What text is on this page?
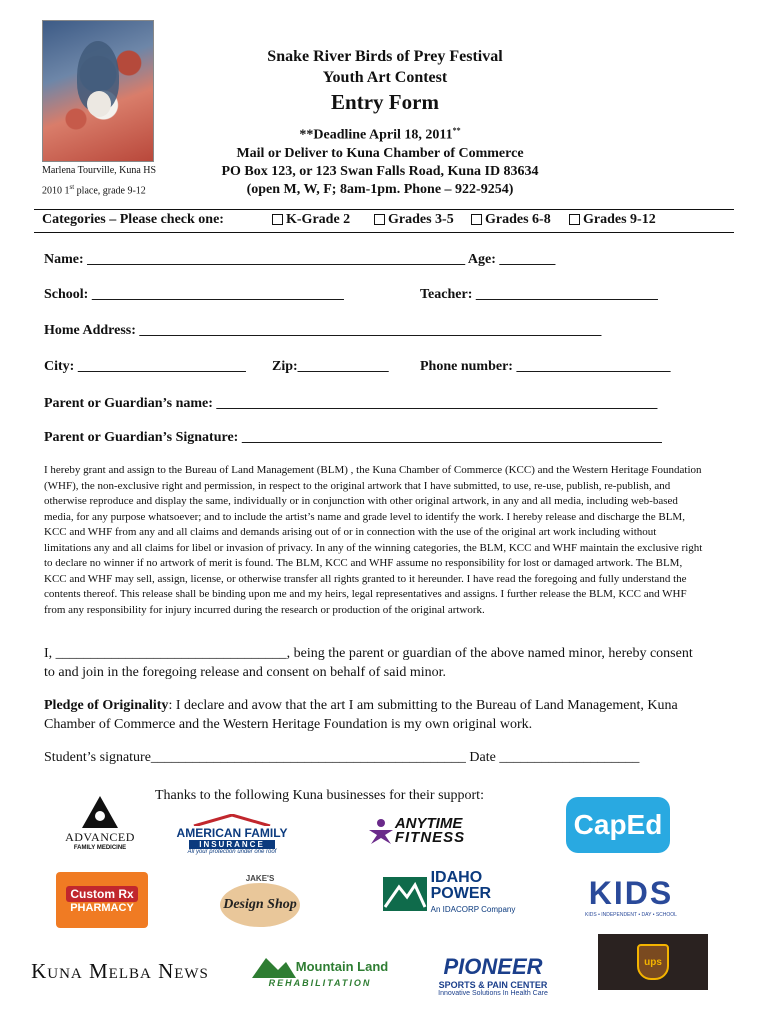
Marlena Tourville, Kuna HS
2010 1st place, grade 9-12
Snake River Birds of Prey Festival
Youth Art Contest
Entry Form
**Deadline April 18, 2011**
Mail or Deliver to Kuna Chamber of Commerce
PO Box 123, or 123 Swan Falls Road, Kuna ID 83634
(open M, W, F; 8am-1pm. Phone – 922-9254)
Categories – Please check one:	K-Grade 2	Grades 3-5	Grades 6-8	Grades 9-12
Name: ______________________________________________________ Age: ________
School: ____________________________________	Teacher: __________________________
Home Address: __________________________________________________________________
City: ________________________ Zip:_____________ Phone number: ______________________
Parent or Guardian’s name: _______________________________________________________________
Parent or Guardian’s Signature: ____________________________________________________________
I hereby grant and assign to the Bureau of Land Management (BLM) , the Kuna Chamber of Commerce (KCC) and the Western Heritage Foundation (WHF), the non-exclusive right and permission, in respect to the original artwork that I have submitted, to use, re-use, publish, re-publish, and otherwise reproduce and display the same, individually or in conjunction with other original artwork, in any and all media, including web-based media, for any purpose whatsoever; and to include the artist’s name and grade level to identify the work. I hereby release and discharge the BLM, KCC and WHF from any and all claims and demands arising out of or in connection with the use of the original art work including without limitations any and all claims for libel or invasion of privacy. In any of the winning categories, the BLM, KCC and WHF maintain the exclusive right to declare no winner if no artwork of merit is found. The BLM, KCC and WHF assume no responsibility for lost or damaged artwork. The BLM, KCC and WHF may sell, assign, license, or otherwise transfer all rights granted to it hereunder. I have read the foregoing and fully understand the contents thereof. This release shall be binding upon me and my heirs, legal representatives and assigns. I further release the BLM, KCC and WHF from any responsibility for injury incurred during the research or production of the original artwork.
I, _________________________________, being the parent or guardian of the above named minor, hereby consent to and join in the foregoing release and consent on behalf of said minor.
Pledge of Originality: I declare and avow that the art I am submitting to the Bureau of Land Management, Kuna Chamber of Commerce and the Western Heritage Foundation is my own original work.
Student’s signature_____________________________________________ Date ____________________
Thanks to the following Kuna businesses for their support:
ADVANCED
FAMILY MEDICINE
AMERICAN FAMILY
INSURANCE
All your protection under one roof
ANYTIME
FITNESS	CapEd
Custom Rx
PHARMACY
JAKE'S
Design Shop
IDAHO
POWER
An IDACORP Company KIDS
KIDS • INDEPENDENT • DAY • SCHOOL
Kuna Melba News	Mountain Land
REHABILITATION
PIONEER
SPORTS & PAIN CENTER
Innovative Solutions In Health Care
ups
